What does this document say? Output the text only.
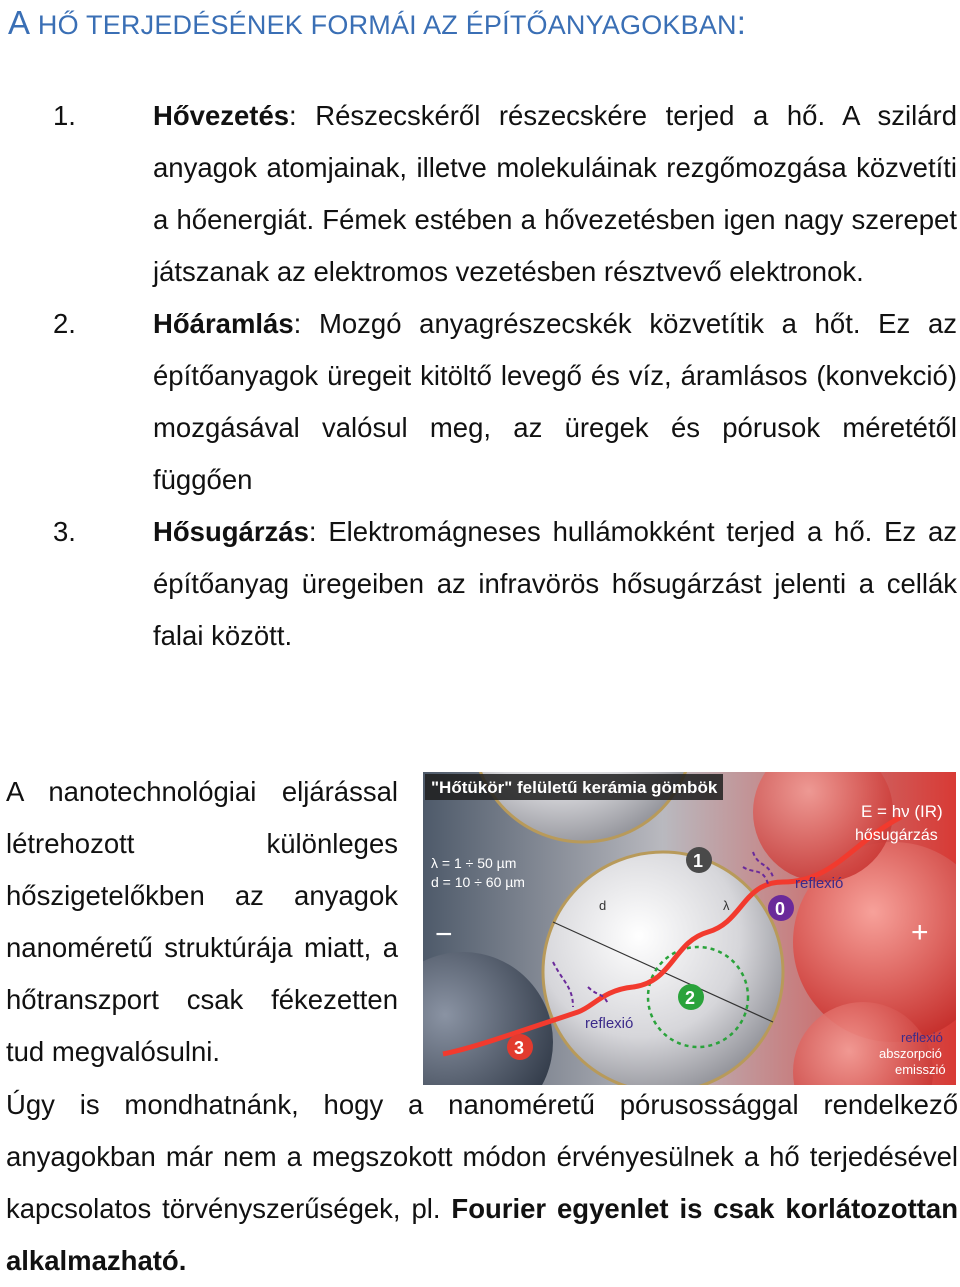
A HŐ TERJEDÉSÉNEK FORMÁI AZ ÉPÍTŐANYAGOKBAN:
1.	Hővezetés: Részecskéről részecskére terjed a hő. A szilárd anyagok atomjainak, illetve molekuláinak rezgőmozgása közvetíti a hőenergiát. Fémek estében a hővezetésben igen nagy szerepet játszanak az elektromos vezetésben résztvevő elektronok.
2.	Hőáramlás: Mozgó anyagrészecskék közvetítik a hőt. Ez az építőanyagok üregeit kitöltő levegő és víz, áramlásos (konvekció) mozgásával valósul meg, az üregek és pórusok méretétől függően
3.	Hősugárzás: Elektromágneses hullámokként terjed a hő. Ez az építőanyag üregeiben az infravörös hősugárzást jelenti a cellák falai között.

A nanotechnológiai eljárással létrehozott különleges hőszigetelőkben az anyagok nanoméretű struktúrája miatt, a hőtranszport csak fékezetten tud megvalósulni.

"Hőtükör" felületű kerámia gömbök
λ = 1 ÷ 50 µm
d = 10 ÷ 60 µm
−	+
d	λ
E = hν (IR)
hősugárzás
reflexió
reflexió
1
0
2
3
reflexió
abszorpció
emisszió
Úgy is mondhatnánk, hogy a nanoméretű pórusossággal rendelkező anyagokban már nem a megszokott módon érvényesülnek a hő terjedésével kapcsolatos törvényszerűségek, pl. Fourier egyenlet is csak korlátozottan alkalmazható.
